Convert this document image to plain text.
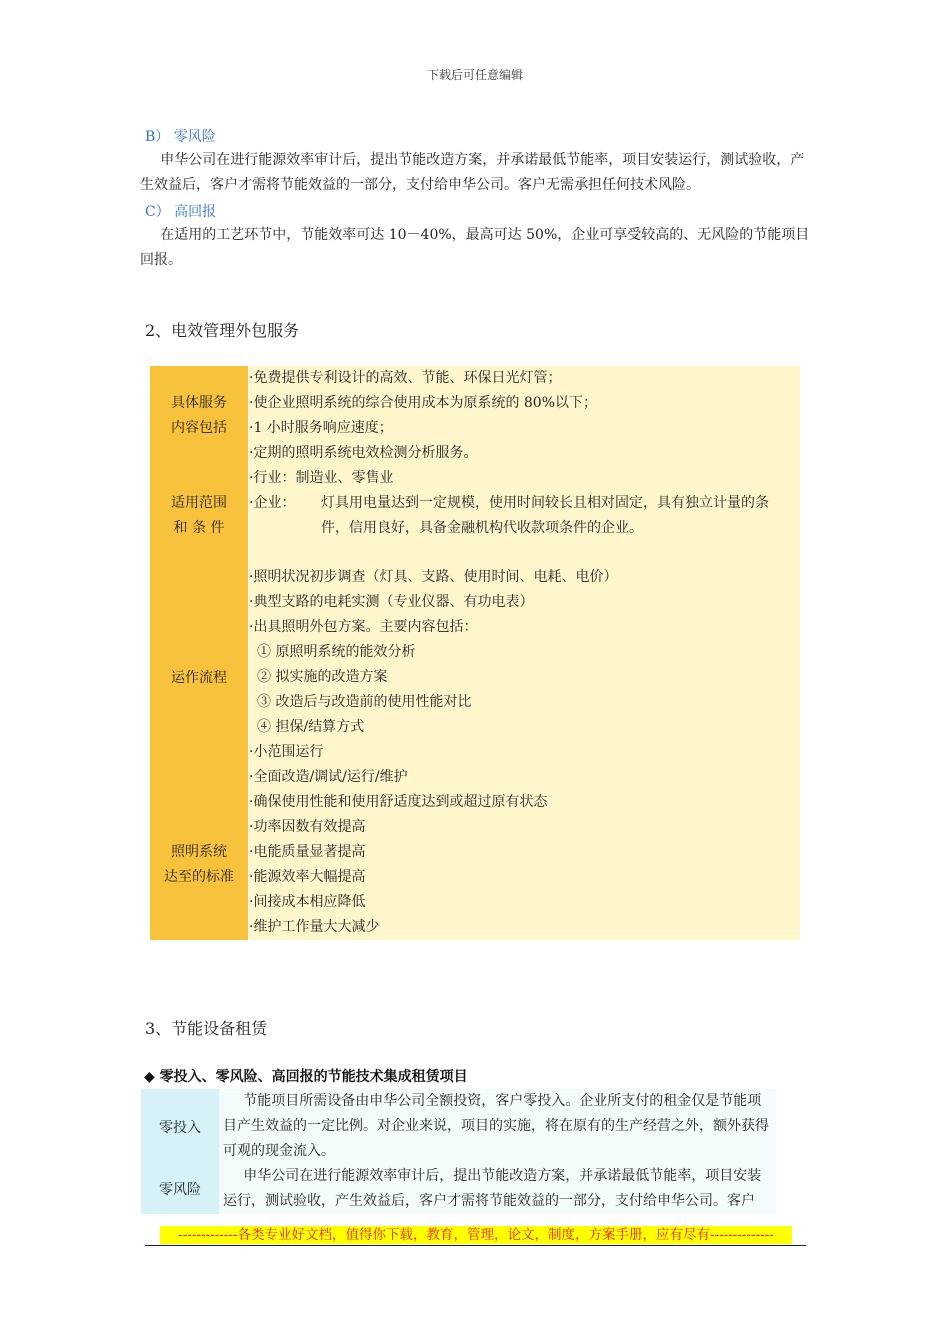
下载后可任意编辑
B） 零风险
申华公司在进行能源效率审计后，提出节能改造方案，并承诺最低节能率，项目安装运行，测试验收，产生效益后，客户才需将节能效益的一部分，支付给申华公司。客户无需承担任何技术风险。
C） 高回报
在适用的工艺环节中，节能效率可达 10－40%，最高可达 50%，企业可享受较高的、无风险的节能项目回报。
2、电效管理外包服务
具体服务
内容包括
·免费提供专利设计的高效、节能、环保日光灯管；
·使企业照明系统的综合使用成本为原系统的 80%以下；
·1 小时服务响应速度；
·定期的照明系统电效检测分析服务。
适用范围
和 条 件
·行业：制造业、零售业
·企业：	灯具用电量达到一定规模，使用时间较长且相对固定，具有独立计量的条件，信用良好，具备金融机构代收款项条件的企业。
运作流程
·照明状况初步调查（灯具、支路、使用时间、电耗、电价）
·典型支路的电耗实测（专业仪器、有功电表）
·出具照明外包方案。主要内容包括：
① 原照明系统的能效分析
② 拟实施的改造方案
③ 改造后与改造前的使用性能对比
④ 担保/结算方式
·小范围运行
·全面改造/调试/运行/维护
照明系统
达至的标准
·确保使用性能和使用舒适度达到或超过原有状态
·功率因数有效提高
·电能质量显著提高
·能源效率大幅提高
·间接成本相应降低
·维护工作量大大减少
3、节能设备租赁
◆ 零投入、零风险、高回报的节能技术集成租赁项目
零投入
节能项目所需设备由申华公司全额投资，客户零投入。企业所支付的租金仅是节能项目产生效益的一定比例。对企业来说，项目的实施，将在原有的生产经营之外，额外获得可观的现金流入。
零风险
申华公司在进行能源效率审计后，提出节能改造方案，并承诺最低节能率，项目安装运行，测试验收，产生效益后，客户才需将节能效益的一部分，支付给申华公司。客户
-------------各类专业好文档，值得你下载，教育，管理，论文，制度，方案手册，应有尽有--------------
